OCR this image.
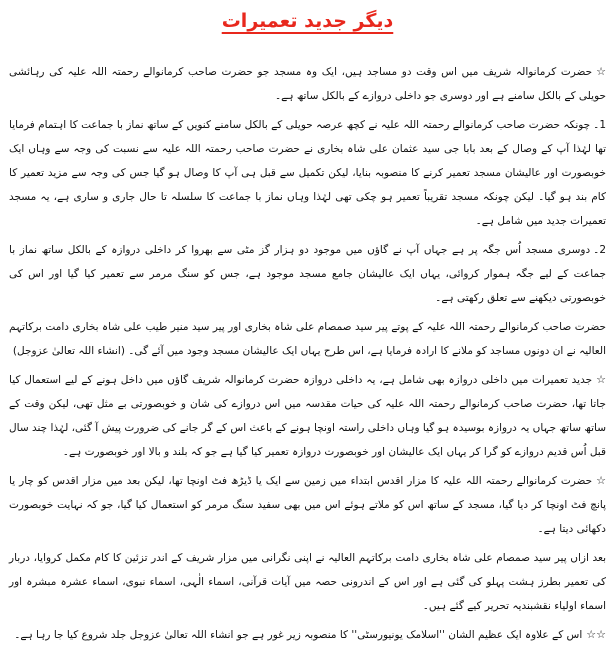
دیگر جدید تعمیرات

☆حضرت کرمانوالہ شریف میں اس وقت دو مساجد ہیں، ایک وہ مسجد جو حضرت صاحب کرمانوالے رحمتہ اللہ علیہ کی رہائشی حویلی کے بالکل سامنے ہے اور دوسری جو داخلی دروازے کے بالکل ساتھ ہے۔

1۔چونکہ حضرت صاحب کرمانوالے رحمتہ اللہ علیہ نے کچھ عرصہ حویلی کے بالکل سامنے کنویں کے ساتھ نماز با جماعت کا اہتمام فرمایا تھا لہٰذا آپ کے وصال کے بعد بابا جی سید عثمان علی شاہ بخاری نے حضرت صاحب رحمتہ اللہ علیہ سے نسبت کی وجہ سے وہاں ایک خوبصورت اور عالیشان مسجد تعمیر کرنے کا منصوبہ بنایا، لیکن تکمیل سے قبل ہی آپ کا وصال ہو گیا جس کی وجہ سے مزید تعمیر کا کام بند ہو گیا۔ لیکن چونکہ مسجد تقریباً تعمیر ہو چکی تھی لہٰذا وہاں نماز با جماعت کا سلسلہ تا حال جاری و ساری ہے، یہ مسجد تعمیرات جدید میں شامل ہے۔

2۔دوسری مسجد اُس جگہ پر ہے جہاں آپ نے گاؤں میں موجود دو ہزار گز مٹی سے بھروا کر داخلی دروازہ کے بالکل ساتھ نماز با جماعت کے لیے جگہ ہموار کروائی، یہاں ایک عالیشان جامع مسجد موجود ہے، جس کو سنگ مرمر سے تعمیر کیا گیا اور اس کی خوبصورتی دیکھنے سے تعلق رکھتی ہے۔

حضرت صاحب کرمانوالے رحمتہ اللہ علیہ کے پوتے پیر سید صمصام علی شاہ بخاری اور پیر سید منیر طیب علی شاہ بخاری دامت برکاتہم العالیہ نے ان دونوں مساجد کو ملانے کا ارادہ فرمایا ہے، اس طرح یہاں ایک عالیشان مسجد وجود میں آئے گی۔ (انشاء اللہ تعالیٰ عزوجل)

☆جدید تعمیرات میں داخلی دروازہ بھی شامل ہے، یہ داخلی دروازہ حضرت کرمانوالہ شریف گاؤں میں داخل ہونے کے لیے استعمال کیا جاتا تھا، حضرت صاحب کرمانوالے رحمتہ اللہ علیہ کی حیات مقدسہ میں اس دروازے کی شان و خوبصورتی بے مثل تھی، لیکن وقت کے ساتھ ساتھ جہاں یہ دروازہ بوسیدہ ہو گیا وہاں داخلی راستہ اونچا ہونے کے باعث اس کے گر جانے کی ضرورت پیش آ گئی، لہٰذا چند سال قبل اُس قدیم دروازے کو گرا کر یہاں ایک عالیشان اور خوبصورت دروازہ تعمیر کیا گیا ہے جو کہ بلند و بالا اور خوبصورت ہے۔

☆حضرت کرمانوالے رحمتہ اللہ علیہ کا مزار اقدس ابتداء میں زمین سے ایک یا ڈیڑھ فٹ اونچا تھا، لیکن بعد میں مزار اقدس کو چار یا پانچ فٹ اونچا کر دیا گیا، مسجد کے ساتھ اس کو ملاتے ہوئے اس میں بھی سفید سنگ مرمر کو استعمال کیا گیا، جو کہ نہایت خوبصورت دکھائی دیتا ہے۔

بعد ازاں پیر سید صمصام علی شاہ بخاری دامت برکاتہم العالیہ نے اپنی نگرانی میں مزار شریف کے اندر تزئین کا کام مکمل کروایا، دربار کی تعمیر بطرز ہشت پہلو کی گئی ہے اور اس کے اندرونی حصہ میں آیات قرآنی، اسماء الٰہی، اسماء نبوی، اسماء عشرہ مبشرہ اور اسماء اولیاء نقشبندیہ تحریر کیے گئے ہیں۔

☆☆اس کے علاوہ ایک عظیم الشان ''اسلامک یونیورسٹی'' کا منصوبہ زیر غور ہے جو انشاء اللہ تعالیٰ عزوجل جلد شروع کیا جا رہا ہے۔
